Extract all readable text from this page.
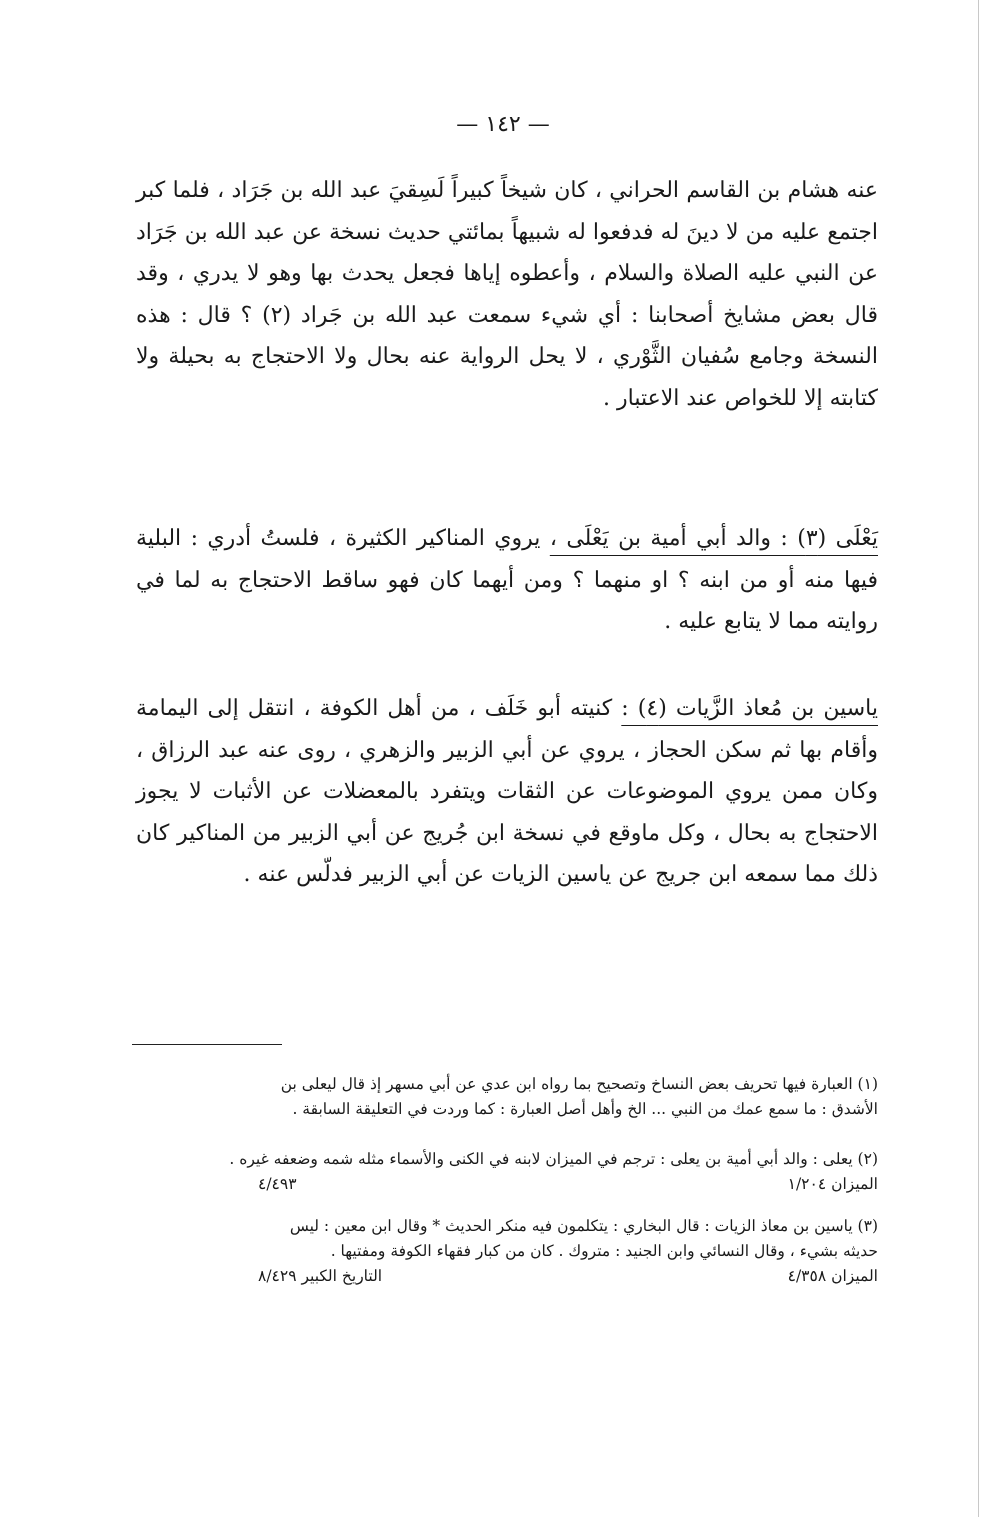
— ١٤٢ —
عنه هشام بن القاسم الحراني ، كان شيخاً كبيراً لَسِقيَ عبد الله بن جَرَاد ، فلما كبر اجتمع عليه من لا دينَ له فدفعوا له شبيهاً بمائتي حديث نسخة عن عبد الله بن جَرَاد عن النبي عليه الصلاة والسلام ، وأعطوه إياها فجعل يحدث بها وهو لا يدري ، وقد قال بعض مشايخ أصحابنا : أي شيء سمعت عبد الله بن جَراد (٢) ؟ قال : هذه النسخة وجامع سُفيان الثَّوْري ، لا يحل الرواية عنه بحال ولا الاحتجاج به بحيلة ولا كتابته إلا للخواص عند الاعتبار .
يَعْلَى (٣) : والد أبي أمية بن يَعْلَى ، يروي المناكير الكثيرة ، فلستُ أدري : البلية فيها منه أو من ابنه ؟ او منهما ؟ ومن أيهما كان فهو ساقط الاحتجاج به لما في روايته مما لا يتابع عليه .
ياسين بن مُعاذ الزَّيات (٤) : كنيته أبو خَلَف ، من أهل الكوفة ، انتقل إلى اليمامة وأقام بها ثم سكن الحجاز ، يروي عن أبي الزبير والزهري ، روى عنه عبد الرزاق ، وكان ممن يروي الموضوعات عن الثقات ويتفرد بالمعضلات عن الأثبات لا يجوز الاحتجاج به بحال ، وكل ماوقع في نسخة ابن جُريج عن أبي الزبير من المناكير كان ذلك مما سمعه ابن جريج عن ياسين الزيات عن أبي الزبير فدلّس عنه .
(١) العبارة فيها تحريف بعض النساخ وتصحيح بما رواه ابن عدي عن أبي مسهر إذ قال ليعلى بن
الأشدق : ما سمع عمك من النبي ... الخ وأهل أصل العبارة : كما وردت في التعليقة السابقة .
(٢) يعلى : والد أبي أمية بن يعلى : ترجم في الميزان لابنه في الكنى والأسماء مثله شمه وضعفه غيره .
الميزان ١/٢٠٤
٤/٤٩٣
(٣) ياسين بن معاذ الزيات : قال البخاري : يتكلمون فيه منكر الحديث * وقال ابن معين : ليس
حديثه بشيء ، وقال النسائي وابن الجنيد : متروك . كان من كبار فقهاء الكوفة ومفتيها .
الميزان ٤/٣٥٨
التاريخ الكبير ٨/٤٢٩
